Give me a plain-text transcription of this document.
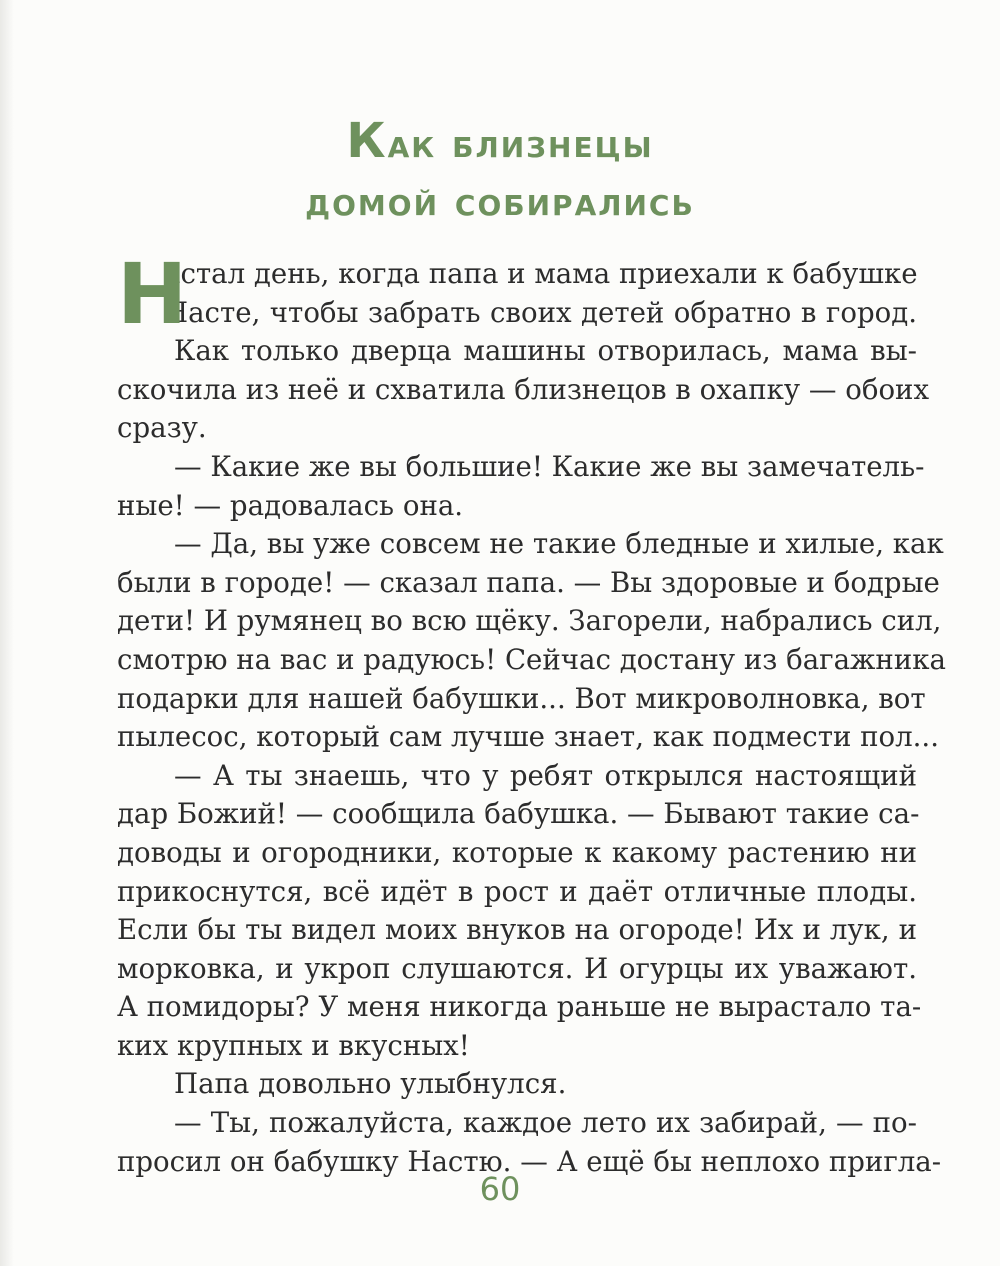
Как близнецы
домой собирались
Н
астал день, когда папа и мама приехали к бабушке
Насте, чтобы забрать своих детей обратно в город.
Как только дверца машины отворилась, мама вы-
скочила из неё и схватила близнецов в охапку — обоих
сразу.
— Какие же вы большие! Какие же вы замечатель-
ные! — радовалась она.
— Да, вы уже совсем не такие бледные и хилые, как
были в городе! — сказал папа. — Вы здоровые и бодрые
дети! И румянец во всю щёку. Загорели, набрались сил,
смотрю на вас и радуюсь! Сейчас достану из багажника
подарки для нашей бабушки... Вот микроволновка, вот
пылесос, который сам лучше знает, как подмести пол...
— А ты знаешь, что у ребят открылся настоящий
дар Божий! — сообщила бабушка. — Бывают такие са-
доводы и огородники, которые к какому растению ни
прикоснутся, всё идёт в рост и даёт отличные плоды.
Если бы ты видел моих внуков на огороде! Их и лук, и
морковка, и укроп слушаются. И огурцы их уважают.
А помидоры? У меня никогда раньше не вырастало та-
ких крупных и вкусных!
Папа довольно улыбнулся.
— Ты, пожалуйста, каждое лето их забирай, — по-
просил он бабушку Настю. — А ещё бы неплохо пригла-
60
